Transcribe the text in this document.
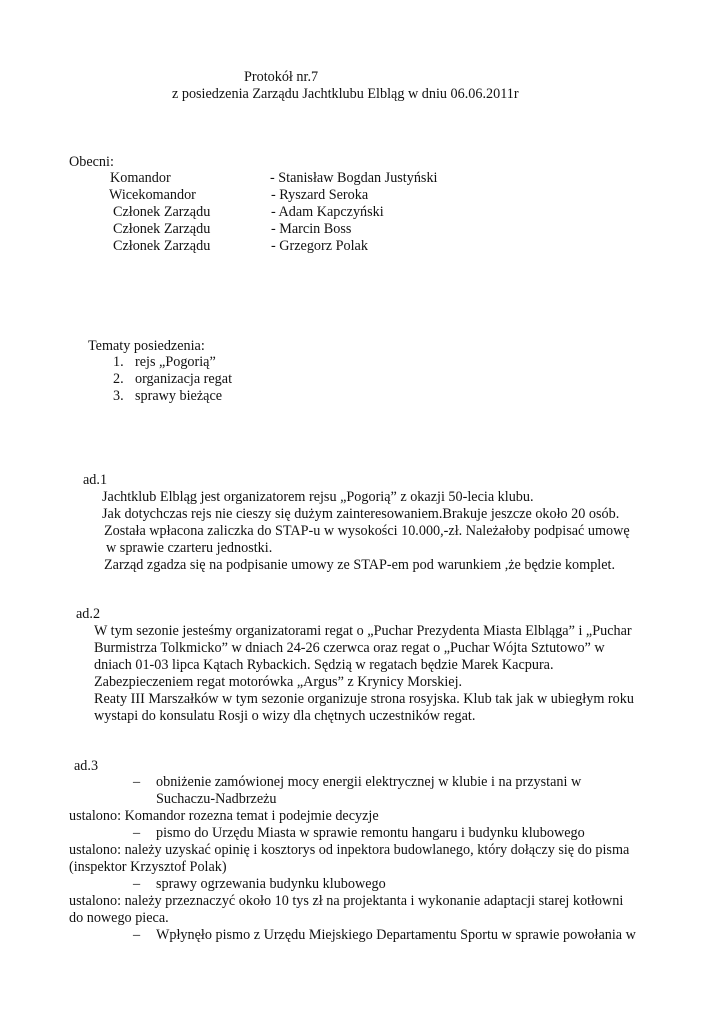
Protokół nr.7
z posiedzenia Zarządu Jachtklubu Elbląg w dniu 06.06.2011r
Obecni:
Komandor	- Stanisław Bogdan Justyński
Wicekomandor	- Ryszard Seroka
Członek Zarządu	- Adam Kapczyński
Członek Zarządu	- Marcin Boss
Członek Zarządu	- Grzegorz Polak
Tematy posiedzenia:
1. rejs „Pogorią”
2. organizacja regat
3. sprawy bieżące
ad.1
Jachtklub Elbląg jest organizatorem rejsu „Pogorią” z okazji 50-lecia klubu.
Jak dotychczas rejs nie cieszy się dużym zainteresowaniem.Brakuje jeszcze około 20 osób.
Została wpłacona zaliczka do STAP-u w wysokości 10.000,-zł. Należałoby podpisać umowę
w sprawie czarteru jednostki.
Zarząd zgadza się na podpisanie umowy ze STAP-em pod warunkiem ,że będzie komplet.
ad.2
W tym sezonie jesteśmy organizatorami regat o „Puchar Prezydenta Miasta Elbląga” i „Puchar
Burmistrza Tolkmicko” w dniach 24-26 czerwca oraz regat o „Puchar Wójta Sztutowo” w
dniach 01-03 lipca Kątach Rybackich. Sędzią w regatach będzie Marek Kacpura.
Zabezpieczeniem regat motorówka „Argus” z Krynicy Morskiej.
Reaty III Marszałków w tym sezonie organizuje strona rosyjska. Klub tak jak w ubiegłym roku
wystapi do konsulatu Rosji o wizy dla chętnych uczestników regat.
ad.3
– obniżenie zamówionej mocy energii elektrycznej w klubie i na przystani w
Suchaczu-Nadbrzeżu
ustalono: Komandor rozezna temat i podejmie decyzje
– pismo do Urzędu Miasta w sprawie remontu hangaru i budynku klubowego
ustalono: należy uzyskać opinię i kosztorys od inpektora budowlanego, który dołączy się do pisma
(inspektor Krzysztof Polak)
– sprawy ogrzewania budynku klubowego
ustalono: należy przeznaczyć około 10 tys zł na projektanta i wykonanie adaptacji starej kotłowni
do nowego pieca.
– Wpłynęło pismo z Urzędu Miejskiego Departamentu Sportu w sprawie powołania w
